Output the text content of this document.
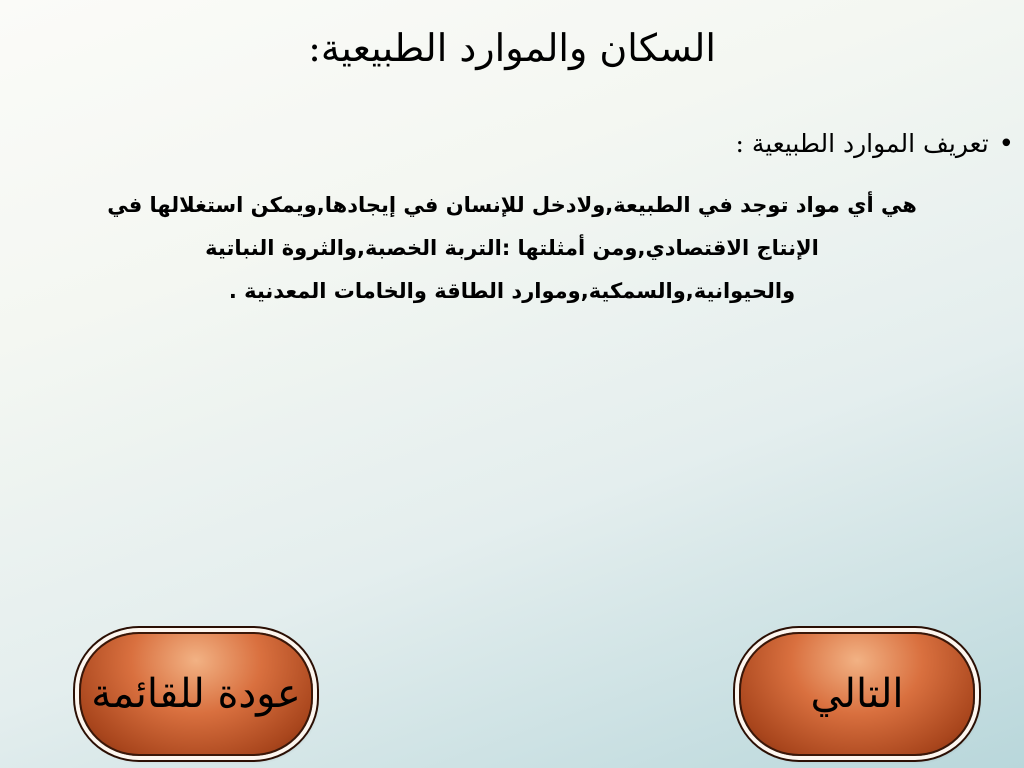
السكان والموارد الطبيعية:
•تعريف الموارد الطبيعية :
هي أي مواد توجد في الطبيعة,ولادخل للإنسان في إيجادها,ويمكن استغلالها في
الإنتاج الاقتصادي,ومن أمثلتها :التربة الخصبة,والثروة النباتية
والحيوانية,والسمكية,وموارد الطاقة والخامات المعدنية .
عودة للقائمة	التالي
